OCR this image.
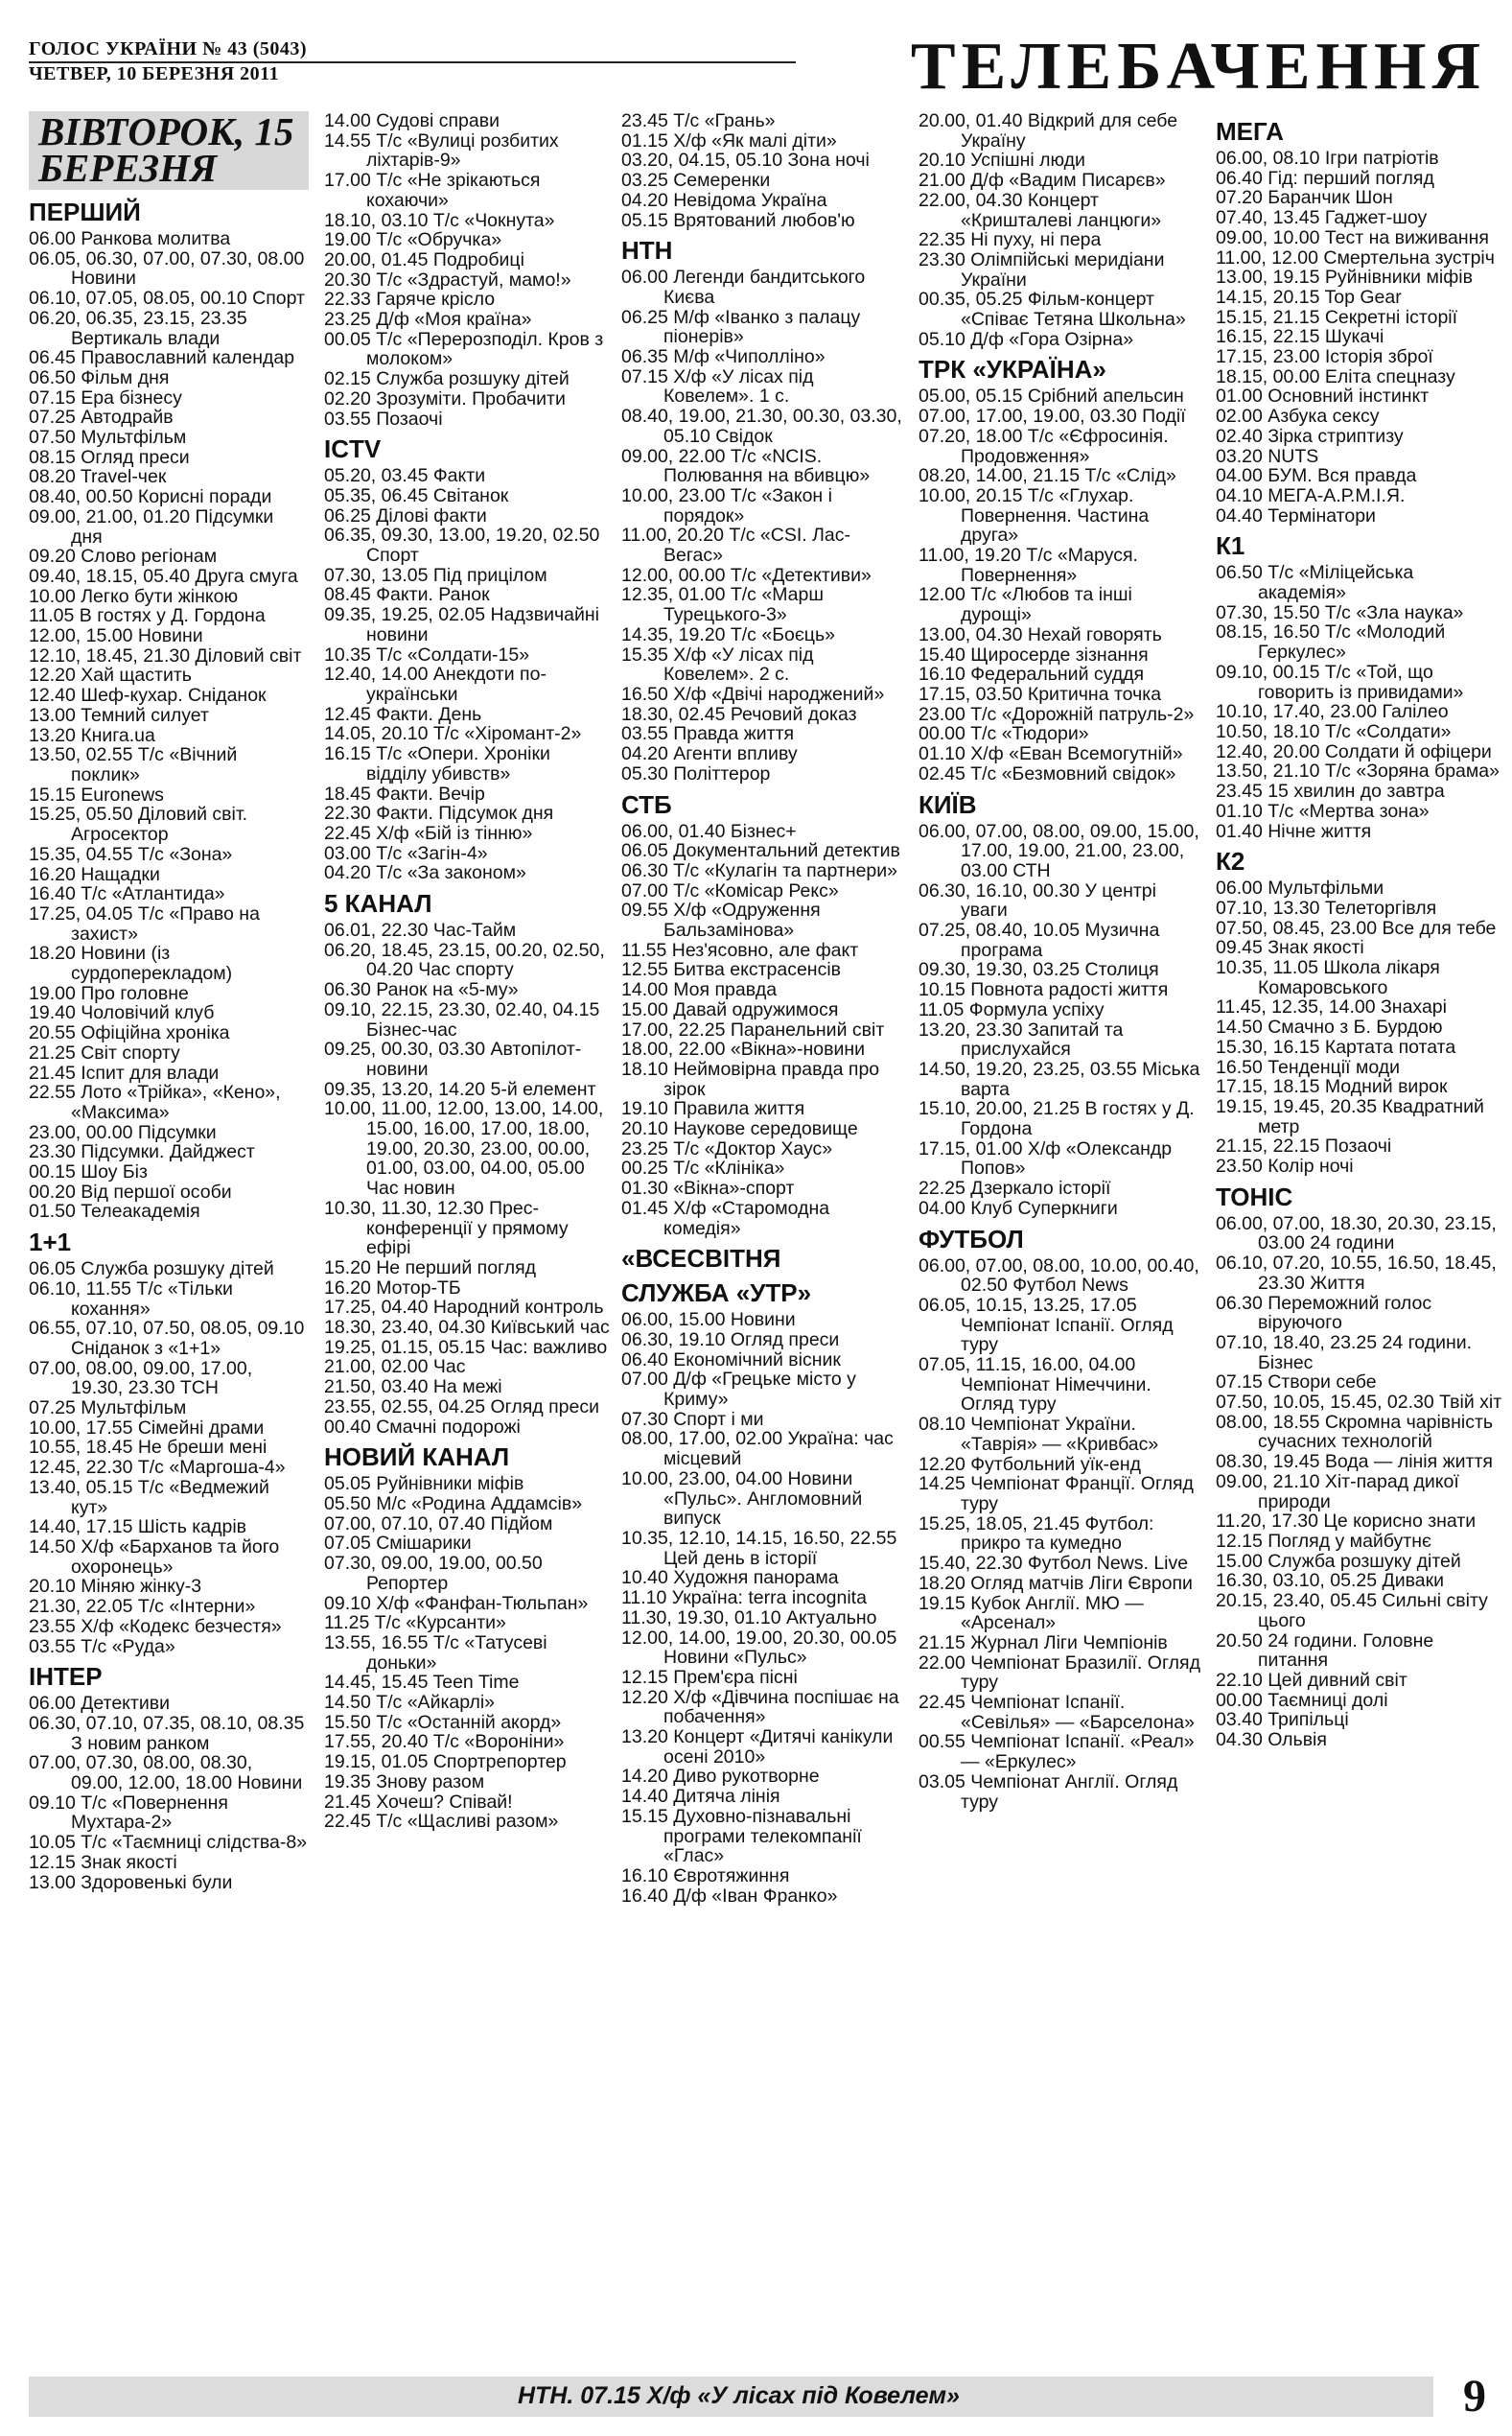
ГОЛОС УКРАЇНИ № 43 (5043)
ЧЕТВЕР, 10 БЕРЕЗНЯ 2011	ТЕЛЕБАЧЕННЯ
ВІВТОРОК, 15 БЕРЕЗНЯ
ПЕРШИЙ
06.00 Ранкова молитва
06.05, 06.30, 07.00, 07.30, 08.00 Новини
06.10, 07.05, 08.05, 00.10 Спорт
06.20, 06.35, 23.15, 23.35 Вертикаль влади
06.45 Православний календар
06.50 Фільм дня
07.15 Ера бізнесу
07.25 Автодрайв
07.50 Мультфільм
08.15 Огляд преси
08.20 Travel-чек
08.40, 00.50 Корисні поради
09.00, 21.00, 01.20 Підсумки дня
09.20 Слово регіонам
09.40, 18.15, 05.40 Друга смуга
10.00 Легко бути жінкою
11.05 В гостях у Д. Гордона
12.00, 15.00 Новини
12.10, 18.45, 21.30 Діловий світ
12.20 Хай щастить
12.40 Шеф-кухар. Сніданок
13.00 Темний силует
13.20 Книга.ua
13.50, 02.55 Т/с «Вічний поклик»
15.15 Euronews
15.25, 05.50 Діловий світ. Агросектор
15.35, 04.55 Т/с «Зона»
16.20 Нащадки
16.40 Т/с «Атлантида»
17.25, 04.05 Т/с «Право на захист»
18.20 Новини (із сурдоперекладом)
19.00 Про головне
19.40 Чоловічий клуб
20.55 Офіційна хроніка
21.25 Світ спорту
21.45 Іспит для влади
22.55 Лото «Трійка», «Кено», «Максима»
23.00, 00.00 Підсумки
23.30 Підсумки. Дайджест
00.15 Шоу Біз
00.20 Від першої особи
01.50 Телеакадемія
1+1
06.05 Служба розшуку дітей
06.10, 11.55 Т/с «Тільки кохання»
06.55, 07.10, 07.50, 08.05, 09.10 Сніданок з «1+1»
07.00, 08.00, 09.00, 17.00, 19.30, 23.30 ТСН
07.25 Мультфільм
10.00, 17.55 Сімейні драми
10.55, 18.45 Не бреши мені
12.45, 22.30 Т/с «Маргоша-4»
13.40, 05.15 Т/с «Ведмежий кут»
14.40, 17.15 Шість кадрів
14.50 Х/ф «Барханов та його охоронець»
20.10 Міняю жінку-3
21.30, 22.05 Т/с «Інтерни»
23.55 Х/ф «Кодекс безчестя»
03.55 Т/с «Руда»
ІНТЕР
06.00 Детективи
06.30, 07.10, 07.35, 08.10, 08.35 З новим ранком
07.00, 07.30, 08.00, 08.30, 09.00, 12.00, 18.00 Новини
09.10 Т/с «Повернення Мухтара-2»
10.05 Т/с «Таємниці слідства-8»
12.15 Знак якості
13.00 Здоровенькі були
14.00 Судові справи
14.55 Т/с «Вулиці розбитих ліхтарів-9»
17.00 Т/с «Не зрікаються кохаючи»
18.10, 03.10 Т/с «Чокнута»
19.00 Т/с «Обручка»
20.00, 01.45 Подробиці
20.30 Т/с «Здрастуй, мамо!»
22.33 Гаряче крісло
23.25 Д/ф «Моя країна»
00.05 Т/с «Перерозподіл. Кров з молоком»
02.15 Служба розшуку дітей
02.20 Зрозуміти. Пробачити
03.55 Позаочі
ICTV
05.20, 03.45 Факти
05.35, 06.45 Світанок
06.25 Ділові факти
06.35, 09.30, 13.00, 19.20, 02.50 Спорт
07.30, 13.05 Під прицілом
08.45 Факти. Ранок
09.35, 19.25, 02.05 Надзвичайні новини
10.35 Т/с «Солдати-15»
12.40, 14.00 Анекдоти по-українськи
12.45 Факти. День
14.05, 20.10 Т/с «Хіромант-2»
16.15 Т/с «Опери. Хроніки відділу убивств»
18.45 Факти. Вечір
22.30 Факти. Підсумок дня
22.45 Х/ф «Бій із тінню»
03.00 Т/с «Загін-4»
04.20 Т/с «За законом»
5 КАНАЛ
06.01, 22.30 Час-Тайм
06.20, 18.45, 23.15, 00.20, 02.50, 04.20 Час спорту
06.30 Ранок на «5-му»
09.10, 22.15, 23.30, 02.40, 04.15 Бізнес-час
09.25, 00.30, 03.30 Автопілот-новини
09.35, 13.20, 14.20 5-й елемент
10.00, 11.00, 12.00, 13.00, 14.00, 15.00, 16.00, 17.00, 18.00, 19.00, 20.30, 23.00, 00.00, 01.00, 03.00, 04.00, 05.00 Час новин
10.30, 11.30, 12.30 Прес-конференції у прямому ефірі
15.20 Не перший погляд
16.20 Мотор-ТБ
17.25, 04.40 Народний контроль
18.30, 23.40, 04.30 Київський час
19.25, 01.15, 05.15 Час: важливо
21.00, 02.00 Час
21.50, 03.40 На межі
23.55, 02.55, 04.25 Огляд преси
00.40 Смачні подорожі
НОВИЙ КАНАЛ
05.05 Руйнівники міфів
05.50 М/с «Родина Аддамсів»
07.00, 07.10, 07.40 Підйом
07.05 Смішарики
07.30, 09.00, 19.00, 00.50 Репортер
09.10 Х/ф «Фанфан-Тюльпан»
11.25 Т/с «Курсанти»
13.55, 16.55 Т/с «Татусеві доньки»
14.45, 15.45 Teen Time
14.50 Т/с «Айкарлі»
15.50 Т/с «Останній акорд»
17.55, 20.40 Т/с «Вороніни»
19.15, 01.05 Спортрепортер
19.35 Знову разом
21.45 Хочеш? Співай!
22.45 Т/с «Щасливі разом»
23.45 Т/с «Грань»
01.15 Х/ф «Як малі діти»
03.20, 04.15, 05.10 Зона ночі
03.25 Семеренки
04.20 Невідома Україна
05.15 Врятований любов'ю
НТН
06.00 Легенди бандитського Києва
06.25 М/ф «Іванко з палацу піонерів»
06.35 М/ф «Чиполліно»
07.15 Х/ф «У лісах під Ковелем». 1 с.
08.40, 19.00, 21.30, 00.30, 03.30, 05.10 Свідок
09.00, 22.00 Т/с «NCIS. Полювання на вбивцю»
10.00, 23.00 Т/с «Закон і порядок»
11.00, 20.20 Т/с «CSI. Лас-Вегас»
12.00, 00.00 Т/с «Детективи»
12.35, 01.00 Т/с «Марш Турецького-3»
14.35, 19.20 Т/с «Боєць»
15.35 Х/ф «У лісах під Ковелем». 2 с.
16.50 Х/ф «Двічі народжений»
18.30, 02.45 Речовий доказ
03.55 Правда життя
04.20 Агенти впливу
05.30 Політтерор
СТБ
06.00, 01.40 Бізнес+
06.05 Документальний детектив
06.30 Т/с «Кулагін та партнери»
07.00 Т/с «Комісар Рекс»
09.55 Х/ф «Одруження Бальзамінова»
11.55 Нез'ясовно, але факт
12.55 Битва екстрасенсів
14.00 Моя правда
15.00 Давай одружимося
17.00, 22.25 Паранельний світ
18.00, 22.00 «Вікна»-новини
18.10 Неймовірна правда про зірок
19.10 Правила життя
20.10 Наукове середовище
23.25 Т/с «Доктор Хаус»
00.25 Т/с «Клініка»
01.30 «Вікна»-спорт
01.45 Х/ф «Старомодна комедія»
«ВСЕСВІТНЯ
СЛУЖБА «УТР»
06.00, 15.00 Новини
06.30, 19.10 Огляд преси
06.40 Економічний вісник
07.00 Д/ф «Грецьке місто у Криму»
07.30 Спорт і ми
08.00, 17.00, 02.00 Україна: час місцевий
10.00, 23.00, 04.00 Новини «Пульс». Англомовний випуск
10.35, 12.10, 14.15, 16.50, 22.55 Цей день в історії
10.40 Художня панорама
11.10 Україна: terra incognita
11.30, 19.30, 01.10 Актуально
12.00, 14.00, 19.00, 20.30, 00.05 Новини «Пульс»
12.15 Прем'єра пісні
12.20 Х/ф «Дівчина поспішає на побачення»
13.20 Концерт «Дитячі канікули осені 2010»
14.20 Диво рукотворне
14.40 Дитяча лінія
15.15 Духовно-пізнавальні програми телекомпанії «Глас»
16.10 Євротяжиння
16.40 Д/ф «Іван Франко»
20.00, 01.40 Відкрий для себе Україну
20.10 Успішні люди
21.00 Д/ф «Вадим Писарєв»
22.00, 04.30 Концерт «Кришталеві ланцюги»
22.35 Ні пуху, ні пера
23.30 Олімпійські меридіани України
00.35, 05.25 Фільм-концерт «Співає Тетяна Школьна»
05.10 Д/ф «Гора Озірна»
ТРК «УКРАЇНА»
05.00, 05.15 Срібний апельсин
07.00, 17.00, 19.00, 03.30 Події
07.20, 18.00 Т/с «Єфросинія. Продовження»
08.20, 14.00, 21.15 Т/с «Слід»
10.00, 20.15 Т/с «Глухар. Повернення. Частина друга»
11.00, 19.20 Т/с «Маруся. Повернення»
12.00 Т/с «Любов та інші дурощі»
13.00, 04.30 Нехай говорять
15.40 Щиросерде зізнання
16.10 Федеральний суддя
17.15, 03.50 Критична точка
23.00 Т/с «Дорожній патруль-2»
00.00 Т/с «Тюдори»
01.10 Х/ф «Еван Всемогутній»
02.45 Т/с «Безмовний свідок»
КИЇВ
06.00, 07.00, 08.00, 09.00, 15.00, 17.00, 19.00, 21.00, 23.00, 03.00 СТН
06.30, 16.10, 00.30 У центрі уваги
07.25, 08.40, 10.05 Музична програма
09.30, 19.30, 03.25 Столиця
10.15 Повнота радості життя
11.05 Формула успіху
13.20, 23.30 Запитай та прислухайся
14.50, 19.20, 23.25, 03.55 Міська варта
15.10, 20.00, 21.25 В гостях у Д. Гордона
17.15, 01.00 Х/ф «Олександр Попов»
22.25 Дзеркало історії
04.00 Клуб Суперкниги
ФУТБОЛ
06.00, 07.00, 08.00, 10.00, 00.40, 02.50 Футбол News
06.05, 10.15, 13.25, 17.05 Чемпіонат Іспанії. Огляд туру
07.05, 11.15, 16.00, 04.00 Чемпіонат Німеччини. Огляд туру
08.10 Чемпіонат України. «Таврія» — «Кривбас»
12.20 Футбольний уїк-енд
14.25 Чемпіонат Франції. Огляд туру
15.25, 18.05, 21.45 Футбол: прикро та кумедно
15.40, 22.30 Футбол News. Live
18.20 Огляд матчів Ліги Європи
19.15 Кубок Англії. МЮ — «Арсенал»
21.15 Журнал Ліги Чемпіонів
22.00 Чемпіонат Бразилії. Огляд туру
22.45 Чемпіонат Іспанії. «Севілья» — «Барселона»
00.55 Чемпіонат Іспанії. «Реал» — «Еркулес»
03.05 Чемпіонат Англії. Огляд туру
МЕГА
06.00, 08.10 Ігри патріотів
06.40 Гід: перший погляд
07.20 Баранчик Шон
07.40, 13.45 Гаджет-шоу
09.00, 10.00 Тест на виживання
11.00, 12.00 Смертельна зустріч
13.00, 19.15 Руйнівники міфів
14.15, 20.15 Top Gear
15.15, 21.15 Секретні історії
16.15, 22.15 Шукачі
17.15, 23.00 Історія зброї
18.15, 00.00 Еліта спецназу
01.00 Основний інстинкт
02.00 Азбука сексу
02.40 Зірка стриптизу
03.20 NUTS
04.00 БУМ. Вся правда
04.10 МЕГА-А.Р.М.І.Я.
04.40 Термінатори
К1
06.50 Т/с «Міліцейська академія»
07.30, 15.50 Т/с «Зла наука»
08.15, 16.50 Т/с «Молодий Геркулес»
09.10, 00.15 Т/с «Той, що говорить із привидами»
10.10, 17.40, 23.00 Галілео
10.50, 18.10 Т/с «Солдати»
12.40, 20.00 Солдати й офіцери
13.50, 21.10 Т/с «Зоряна брама»
23.45 15 хвилин до завтра
01.10 Т/с «Мертва зона»
01.40 Нічне життя
К2
06.00 Мультфільми
07.10, 13.30 Телеторгівля
07.50, 08.45, 23.00 Все для тебе
09.45 Знак якості
10.35, 11.05 Школа лікаря Комаровського
11.45, 12.35, 14.00 Знахарі
14.50 Смачно з Б. Бурдою
15.30, 16.15 Картата потата
16.50 Тенденції моди
17.15, 18.15 Модний вирок
19.15, 19.45, 20.35 Квадратний метр
21.15, 22.15 Позаочі
23.50 Колір ночі
ТОНІС
06.00, 07.00, 18.30, 20.30, 23.15, 03.00 24 години
06.10, 07.20, 10.55, 16.50, 18.45, 23.30 Життя
06.30 Переможний голос віруючого
07.10, 18.40, 23.25 24 години. Бізнес
07.15 Створи себе
07.50, 10.05, 15.45, 02.30 Твій хіт
08.00, 18.55 Скромна чарівність сучасних технологій
08.30, 19.45 Вода — лінія життя
09.00, 21.10 Хіт-парад дикої природи
11.20, 17.30 Це корисно знати
12.15 Погляд у майбутнє
15.00 Служба розшуку дітей
16.30, 03.10, 05.25 Диваки
20.15, 23.40, 05.45 Сильні світу цього
20.50 24 години. Головне питання
22.10 Цей дивний світ
00.00 Таємниці долі
03.40 Трипільці
04.30 Ольвія
НТН. 07.15 Х/ф «У лісах під Ковелем»	9
